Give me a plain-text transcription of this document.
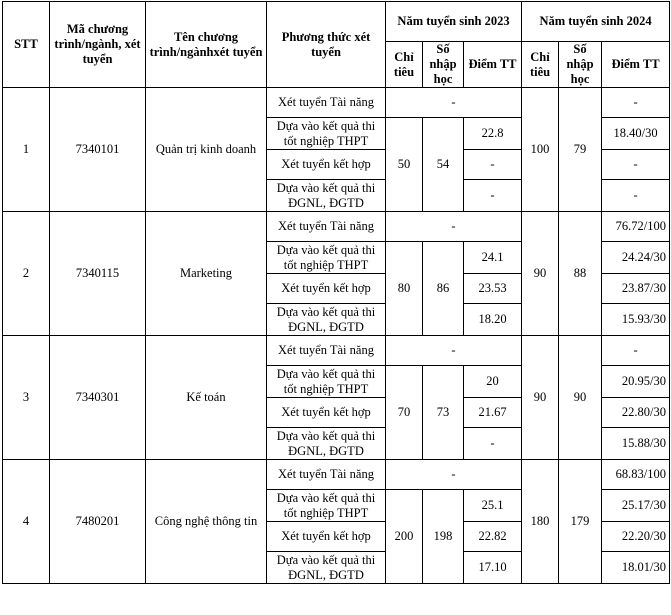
STT	Mã chương trình/ngành, xét tuyển	Tên chương trình/ngànhxét tuyển	Phương thức xét tuyển	Năm tuyển sinh 2023			Năm tuyển sinh 2024		
				Chỉ tiêu	Số nhập học	Điểm TT	Chỉ tiêu	Số nhập học	Điểm TT
1	7340101	Quản trị kinh doanh	Xét tuyển Tài năng	-			100	79	-
			Dựa vào kết quả thi tốt nghiệp THPT	50	54	22.8			18.40/30
			Xét tuyển kết hợp			-			-
			Dựa vào kết quả thi ĐGNL, ĐGTD			-			-
2	7340115	Marketing	Xét tuyển Tài năng	-			90	88	76.72/100
			Dựa vào kết quả thi tốt nghiệp THPT	80	86	24.1			24.24/30
			Xét tuyển kết hợp			23.53			23.87/30
			Dựa vào kết quả thi ĐGNL, ĐGTD			18.20			15.93/30
3	7340301	Kế toán	Xét tuyển Tài năng	-			90	90	-
			Dựa vào kết quả thi tốt nghiệp THPT	70	73	20			20.95/30
			Xét tuyển kết hợp			21.67			22.80/30
			Dựa vào kết quả thi ĐGNL, ĐGTD			-			15.88/30
4	7480201	Công nghệ thông tin	Xét tuyển Tài năng	-			180	179	68.83/100
			Dựa vào kết quả thi tốt nghiệp THPT	200	198	25.1			25.17/30
			Xét tuyển kết hợp			22.82			22.20/30
			Dựa vào kết quả thi ĐGNL, ĐGTD			17.10			18.01/30
